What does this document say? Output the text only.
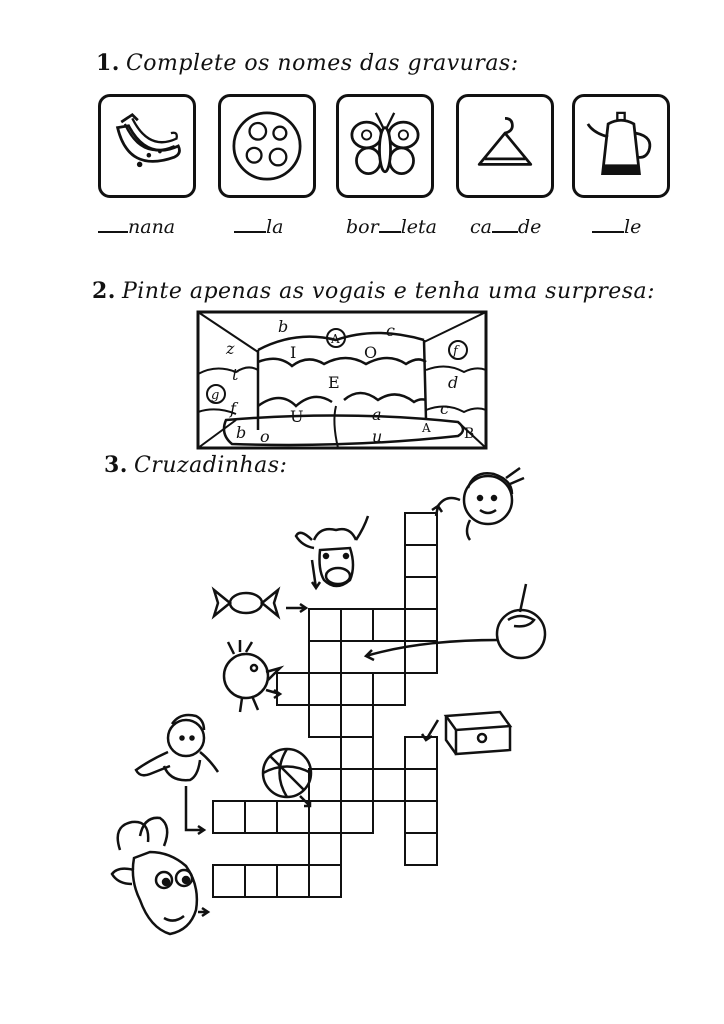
1. Complete os nomes das gravuras:
nana	la	bor leta ca de	le
2. Pinte apenas as vogais e tenha uma surpresa:
b
A	c
z	I	O	f
t	E	d
g
f	U	a	c
b o	u	A B
3. Cruzadinhas:
